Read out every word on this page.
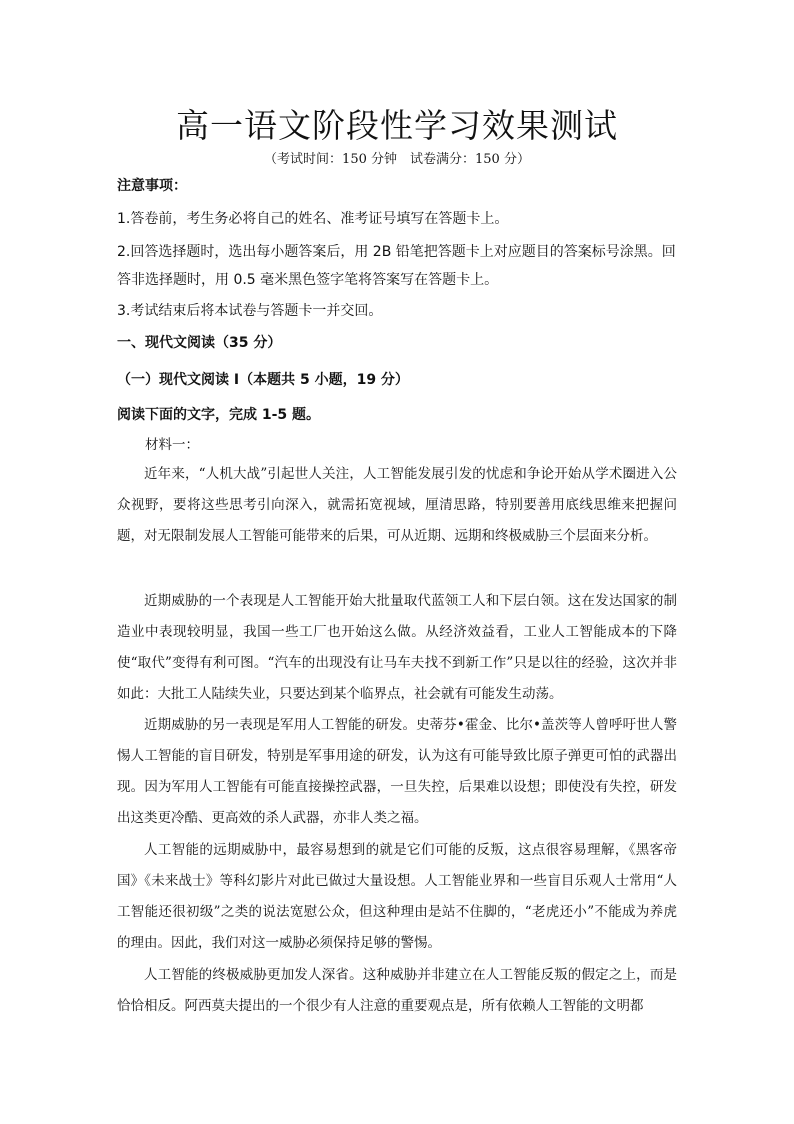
高一语文阶段性学习效果测试
（考试时间：150 分钟　试卷满分：150 分）
注意事项：
1.答卷前，考生务必将自己的姓名、准考证号填写在答题卡上。
2.回答选择题时，选出每小题答案后，用 2B 铅笔把答题卡上对应题目的答案标号涂黑。回
答非选择题时，用 0.5 毫米黑色签字笔将答案写在答题卡上。
3.考试结束后将本试卷与答题卡一并交回。
一、现代文阅读（35 分）
（一）现代文阅读 I（本题共 5 小题，19 分）
阅读下面的文字，完成 1-5 题。
材料一：
近年来，“人机大战”引起世人关注，人工智能发展引发的忧虑和争论开始从学术圈进入公众视野，要将这些思考引向深入，就需拓宽视域，厘清思路，特别要善用底线思维来把握问题，对无限制发展人工智能可能带来的后果，可从近期、远期和终极威胁三个层面来分析。
近期威胁的一个表现是人工智能开始大批量取代蓝领工人和下层白领。这在发达国家的制造业中表现较明显，我国一些工厂也开始这么做。从经济效益看，工业人工智能成本的下降使“取代”变得有利可图。“汽车的出现没有让马车夫找不到新工作”只是以往的经验，这次并非如此：大批工人陆续失业，只要达到某个临界点，社会就有可能发生动荡。
近期威胁的另一表现是军用人工智能的研发。史蒂芬•霍金、比尔•盖茨等人曾呼吁世人警惕人工智能的盲目研发，特别是军事用途的研发，认为这有可能导致比原子弹更可怕的武器出现。因为军用人工智能有可能直接操控武器，一旦失控，后果难以设想；即使没有失控，研发出这类更冷酷、更高效的杀人武器，亦非人类之福。
人工智能的远期威胁中，最容易想到的就是它们可能的反叛，这点很容易理解，《黑客帝国》《未来战士》等科幻影片对此已做过大量设想。人工智能业界和一些盲目乐观人士常用“人工智能还很初级”之类的说法宽慰公众，但这种理由是站不住脚的，“老虎还小”不能成为养虎的理由。因此，我们对这一威胁必须保持足够的警惕。
人工智能的终极威胁更加发人深省。这种威胁并非建立在人工智能反叛的假定之上，而是恰恰相反。阿西莫夫提出的一个很少有人注意的重要观点是，所有依赖人工智能的文明都
